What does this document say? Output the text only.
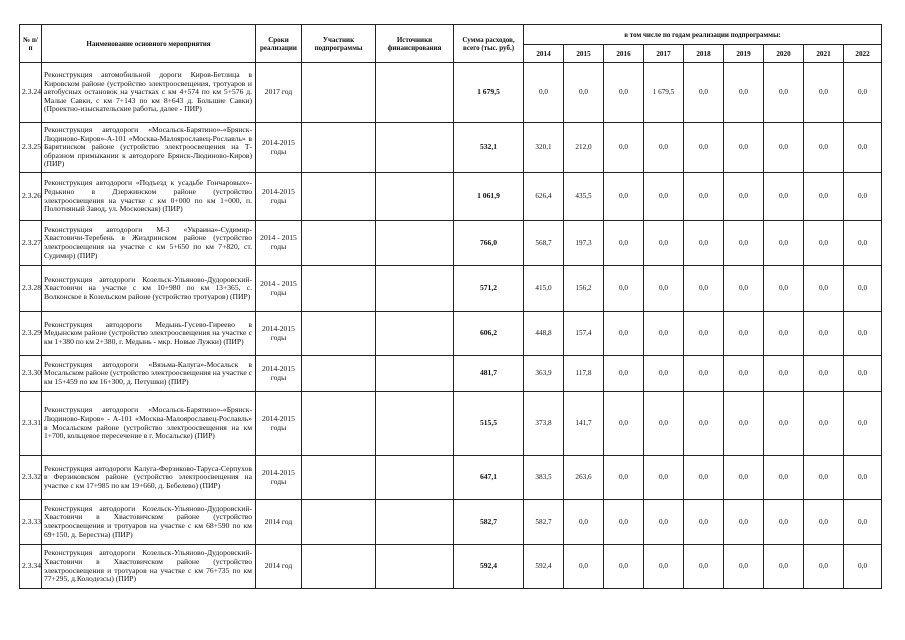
№ п/п	Наименование основного мероприятия	Сроки реализации	Участник подпрограммы	Источники финансирования	Сумма расходов, всего (тыс. руб.)	в том числе по годам реализации подпрограммы:								
						2014	2015	2016	2017	2018	2019	2020	2021	2022
2.3.24	Реконструкция автомобильной дороги Киров-Бетлица в Кировском районе (устройство электроосвещения, тротуаров и автобусных остановок на участках с км 4+574 по км 5+576 д. Малые Савки, с км 7+143 по км 8+643 д. Большие Савки) (Проектно-изыскательские работы, далее - ПИР)	2017 год			1 679,5	0,0	0,0	0,0	1 679,5	0,0	0,0	0,0	0,0	0,0
2.3.25	Реконструкция автодороги «Мосальск-Барятино»-«Брянск-Людиново-Киров»-А-101 «Москва-Малоярославец-Рославль» в Барятинском районе (устройство электроосвещения на Т-образном примыкании к автодороге Брянск-Людиново-Киров) (ПИР)	2014-2015 годы			532,1	320,1	212,0	0,0	0,0	0,0	0,0	0,0	0,0	0,0
2.3.26	Реконструкция автодороги «Подъезд к усадьбе Гончаровых»-Редькино в Дзержинском районе (устройство электроосвещения на участке с км 0+000 по км 1+000, п. Полотняный Завод, ул. Московская) (ПИР)	2014-2015 годы			1 061,9	626,4	435,5	0,0	0,0	0,0	0,0	0,0	0,0	0,0
2.3.27	Реконструкция автодороги М-3 «Украина»-Судимир-Хвастовичи-Теребень в Жиздринском районе (устройство электроосвещения на участке с км 5+650 по км 7+820, ст. Судимир) (ПИР)	2014 - 2015 годы			766,0	568,7	197,3	0,0	0,0	0,0	0,0	0,0	0,0	0,0
2.3.28	Реконструкция автодороги Козельск-Ульяново-Дудоровский-Хвастовичи на участке с км 10+980 по км 13+365, с. Волконское в Козельском районе (устройство тротуаров) (ПИР)	2014 - 2015 годы			571,2	415,0	156,2	0,0	0,0	0,0	0,0	0,0	0,0	0,0
2.3.29	Реконструкция автодороги Медынь-Гусево-Гиреево в Медынском районе (устройство электроосвещения на участке с км 1+380 по км 2+380, г. Медынь - мкр. Новые Лужки) (ПИР)	2014-2015 годы			606,2	448,8	157,4	0,0	0,0	0,0	0,0	0,0	0,0	0,0
2.3.30	Реконструкция автодороги «Вязьма-Калуга»-Мосальск в Мосальском районе (устройство электроосвещения на участке с км 15+459 по км 16+300, д. Петушки) (ПИР)	2014-2015 годы			481,7	363,9	117,8	0,0	0,0	0,0	0,0	0,0	0,0	0,0
2.3.31	Реконструкция автодороги «Мосальск-Барятино»-«Брянск-Людиново-Киров» - А-101 «Москва-Малоярославец-Рославль» в Мосальском районе (устройство электроосвещения на км 1+700, кольцевое пересечение в г. Мосальске) (ПИР)	2014-2015 годы			515,5	373,8	141,7	0,0	0,0	0,0	0,0	0,0	0,0	0,0
2.3.32	Реконструкция автодороги Калуга-Ферзиково-Таруса-Серпухов в Ферзиковском районе (устройство электроосвещения на участке с км 17+985 по км 19+660, д. Бебелево) (ПИР)	2014-2015 годы			647,1	383,5	263,6	0,0	0,0	0,0	0,0	0,0	0,0	0,0
2.3.33	Реконструкция автодороги Козельск-Ульяново-Дудоровский-Хвастовичи в Хвастовичском районе (устройство электроосвещения и тротуаров на участке с км 68+590 по км 69+150, д. Берестна) (ПИР)	2014 год			582,7	582,7	0,0	0,0	0,0	0,0	0,0	0,0	0,0	0,0
2.3.34	Реконструкция автодороги Козельск-Ульяново-Дудоровский-Хвастовичи в Хвастовичском районе (устройство электроосвещения и тротуаров на участке с км 76+735 по км 77+295, д.Колодезсы) (ПИР)	2014 год			592,4	592,4	0,0	0,0	0,0	0,0	0,0	0,0	0,0	0,0
